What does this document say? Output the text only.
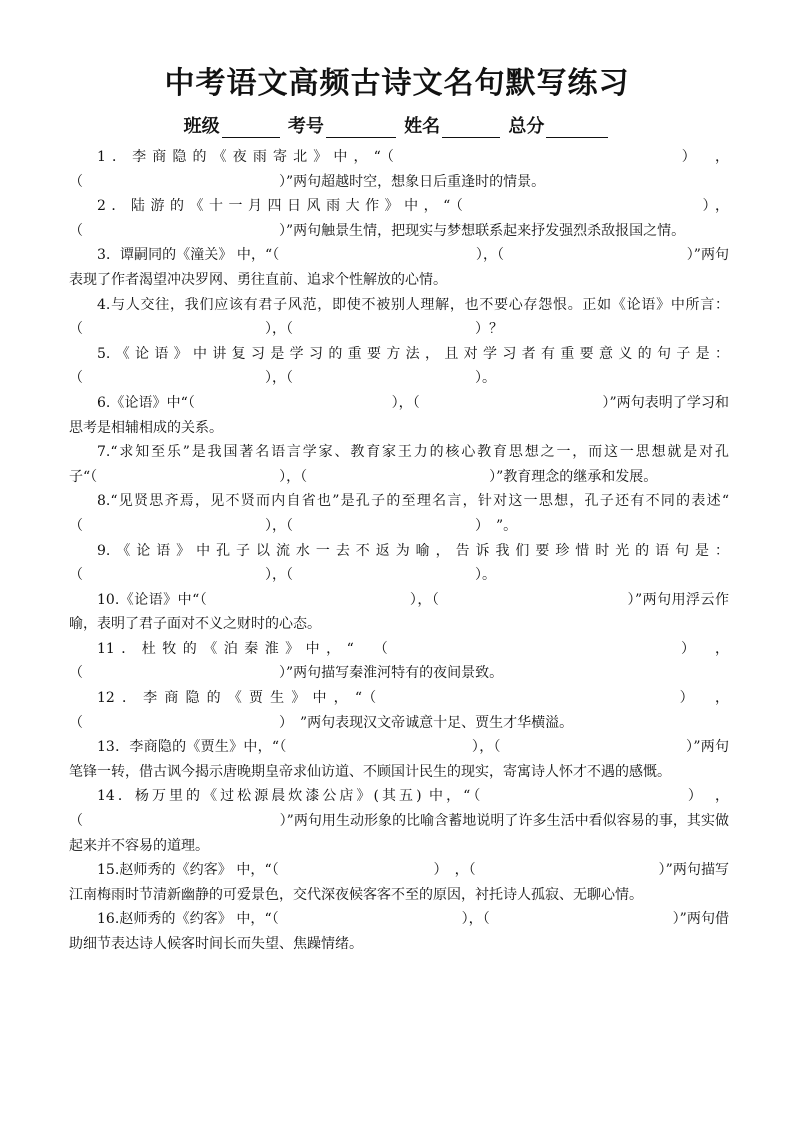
中考语文高频古诗文名句默写练习
班级	考号	姓名	总分

1．李商隐的《夜雨寄北》中，“（　　　　　　　　　　　　　　）　，（　　　　　　　　　　　　　　）”两句超越时空，想象日后重逢时的情景。

2．陆游的《十一月四日风雨大作》中，“（　　　　　　　　　　　　），（　　　　　　　　　　　　　　）”两句触景生情，把现实与梦想联系起来抒发强烈杀敌报国之情。

3．谭嗣同的《潼关》 中，“（　　　　　　　　　　　　　　），（　　　　　　　　　　　　　）”两句表现了作者渴望冲决罗网、勇往直前、追求个性解放的心情。

4.与人交往，我们应该有君子风范，即使不被别人理解，也不要心存怨恨。正如《论语》中所言：（　　　　　　　　　　　　　），（　　　　　　　　　　　　　）？

5.《论语》中讲复习是学习的重要方法，且对学习者有重要意义的句子是：（　　　　　　　　　　　　　），（　　　　　　　　　　　　　）。

6.《论语》中“（　　　　　　　　　　　　　　），（　　　　　　　　　　　　　）”两句表明了学习和思考是相辅相成的关系。

7.“求知至乐”是我国著名语言学家、教育家王力的核心教育思想之一，而这一思想就是对孔子“（　　　　　　　　　　　　　），（　　　　　　　　　　　　　）”教育理念的继承和发展。

8.“见贤思齐焉，见不贤而内自省也”是孔子的至理名言，针对这一思想，孔子还有不同的表述“　（　　　　　　　　　　　　　），（　　　　　　　　　　　　　）　”。

9.《论语》中孔子以流水一去不返为喻，告诉我们要珍惜时光的语句是：（　　　　　　　　　　　　　），（　　　　　　　　　　　　　）。

10.《论语》中“（　　　　　　　　　　　　　　），（　　　　　　　　　　　　　）”两句用浮云作喻，表明了君子面对不义之财时的心态。

11．杜牧的《泊秦淮》中，“　（　　　　　　　　　　　　　　）　，（　　　　　　　　　　　　　　）”两句描写秦淮河特有的夜间景致。

12．李商隐的《贾生》中，“（　　　　　　　　　　　　　　）　，（　　　　　　　　　　　　　　）　”两句表现汉文帝诚意十足、贾生才华横溢。

13．李商隐的《贾生》中，“（　　　　　　　　　　　　　），（　　　　　　　　　　　　　）”两句笔锋一转，借古讽今揭示唐晚期皇帝求仙访道、不顾国计民生的现实，寄寓诗人怀才不遇的感慨。

14．杨万里的《过松源晨炊漆公店》(其五) 中，“（　　　　　　　　　　　　）　，（　　　　　　　　　　　　　　）”两句用生动形象的比喻含蓄地说明了许多生活中看似容易的事，其实做起来并不容易的道理。

15.赵师秀的《约客》 中，“（　　　　　　　　　　　）　，（　　　　　　　　　　　　　）”两句描写江南梅雨时节清新幽静的可爱景色，交代深夜候客客不至的原因，衬托诗人孤寂、无聊心情。

16.赵师秀的《约客》 中，“（　　　　　　　　　　　　　），（　　　　　　　　　　　　　）”两句借助细节表达诗人候客时间长而失望、焦躁情绪。
